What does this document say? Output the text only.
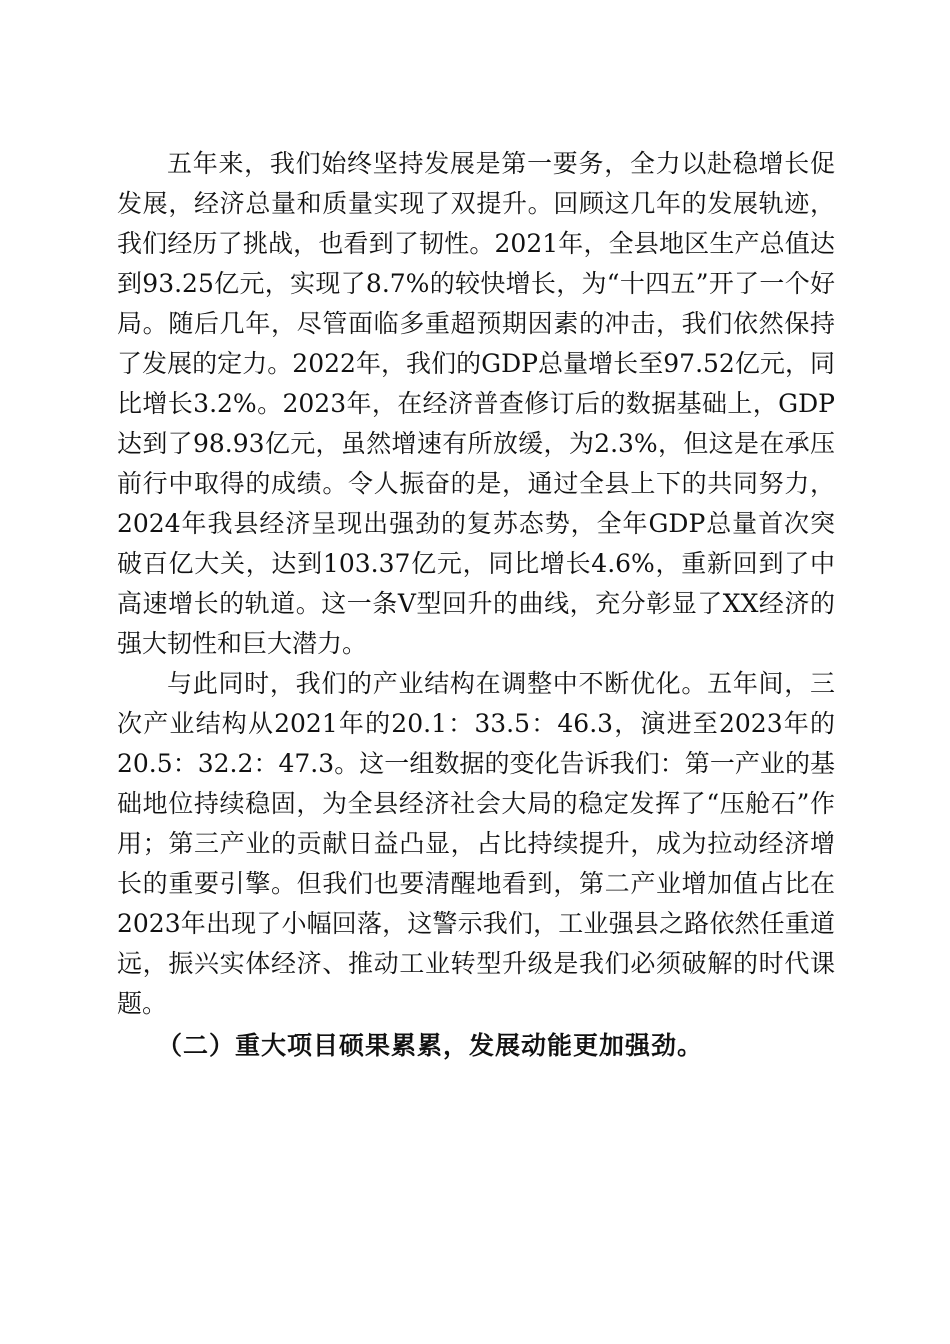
五年来，我们始终坚持发展是第一要务，全力以赴稳增长促发展，经济总量和质量实现了双提升。回顾这几年的发展轨迹，我们经历了挑战，也看到了韧性。2021年，全县地区生产总值达到93.25亿元，实现了8.7%的较快增长，为“十四五”开了一个好局。随后几年，尽管面临多重超预期因素的冲击，我们依然保持了发展的定力。2022年，我们的GDP总量增长至97.52亿元，同比增长3.2%。2023年，在经济普查修订后的数据基础上，GDP达到了98.93亿元，虽然增速有所放缓，为2.3%，但这是在承压前行中取得的成绩。令人振奋的是，通过全县上下的共同努力，2024年我县经济呈现出强劲的复苏态势，全年GDP总量首次突破百亿大关，达到103.37亿元，同比增长4.6%，重新回到了中高速增长的轨道。这一条V型回升的曲线，充分彰显了XX经济的强大韧性和巨大潜力。

与此同时，我们的产业结构在调整中不断优化。五年间，三次产业结构从2021年的20.1：33.5：46.3，演进至2023年的20.5：32.2：47.3。这一组数据的变化告诉我们：第一产业的基础地位持续稳固，为全县经济社会大局的稳定发挥了“压舱石”作用；第三产业的贡献日益凸显，占比持续提升，成为拉动经济增长的重要引擎。但我们也要清醒地看到，第二产业增加值占比在2023年出现了小幅回落，这警示我们，工业强县之路依然任重道远，振兴实体经济、推动工业转型升级是我们必须破解的时代课题。

（二）重大项目硕果累累，发展动能更加强劲。
